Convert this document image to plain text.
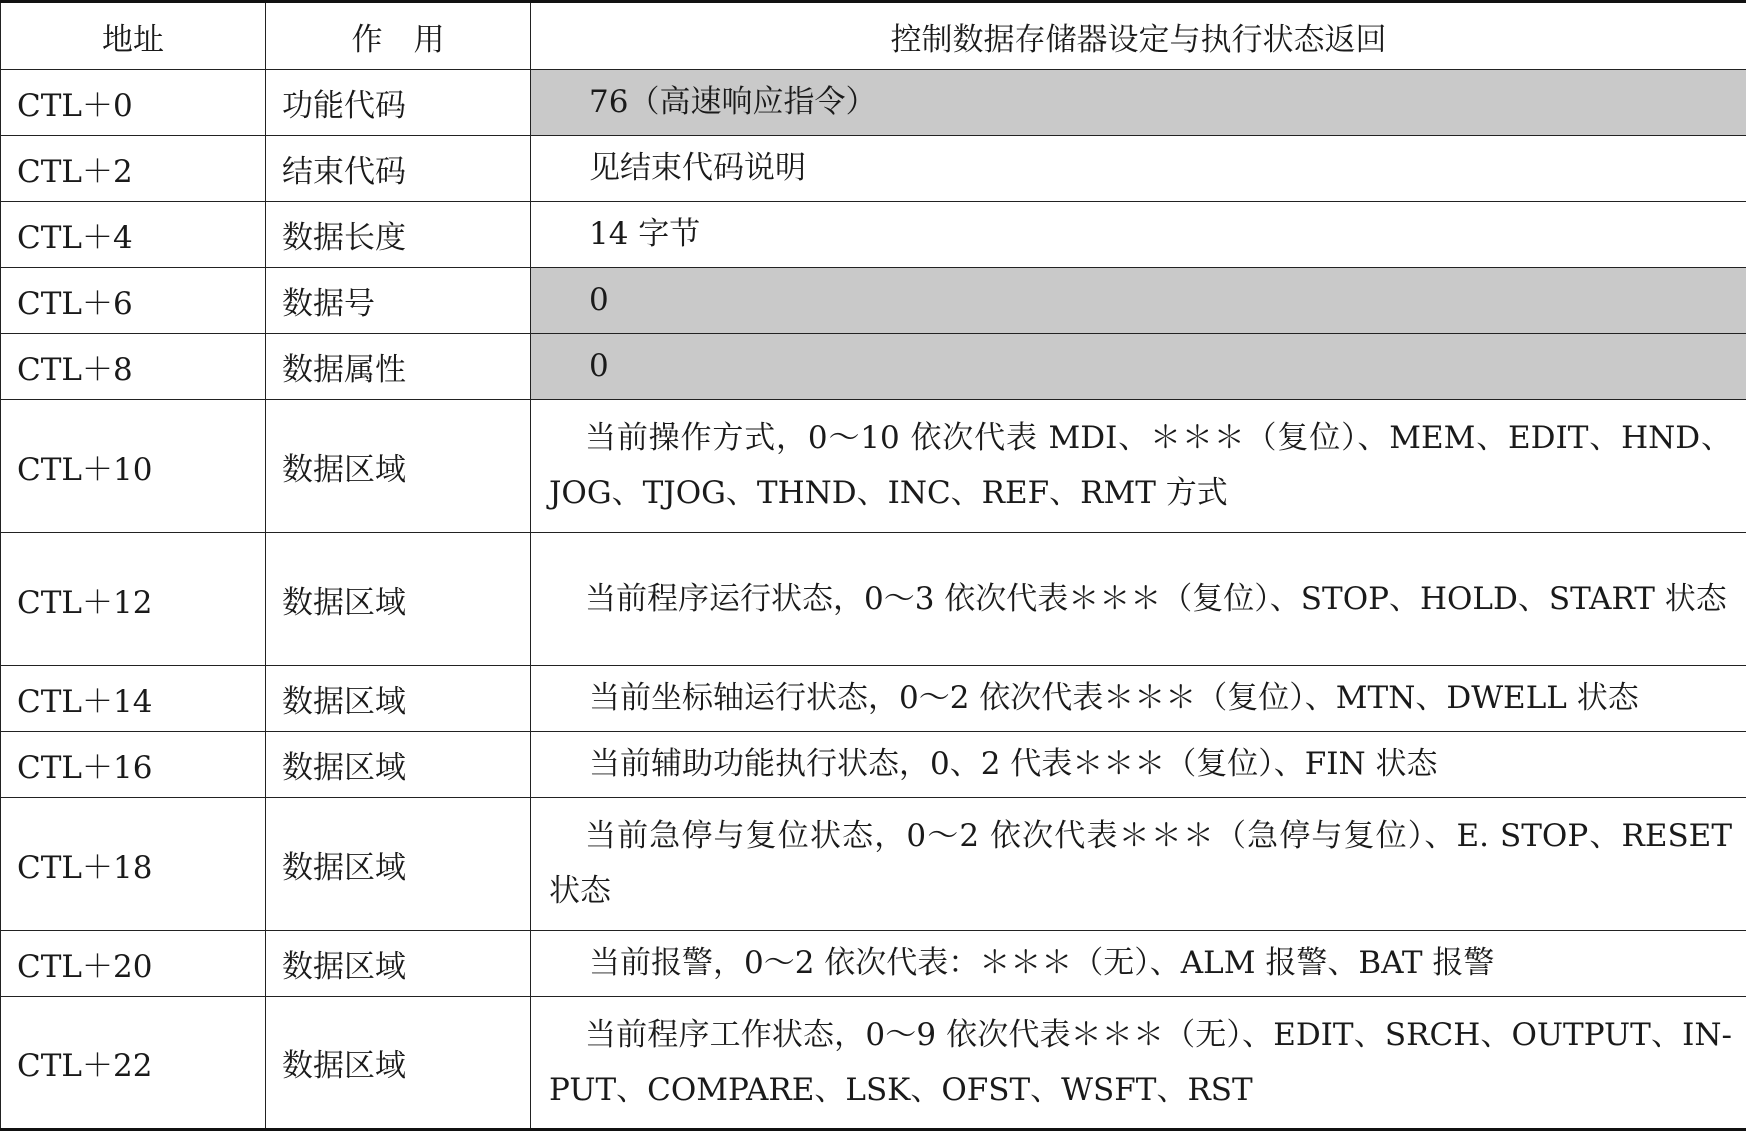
地址	作　用	控制数据存储器设定与执行状态返回
CTL＋0	功能代码	76（高速响应指令）

CTL＋2	结束代码	见结束代码说明

CTL＋4	数据长度	14 字节

CTL＋6	数据号	0

CTL＋8	数据属性	0

CTL＋10	数据区域	当前操作方式，0～10 依次代表 MDI、＊＊＊（复位）、MEM、EDIT、HND、JOG、TJOG、THND、INC、REF、RMT 方式

CTL＋12	数据区域	当前程序运行状态，0～3 依次代表＊＊＊（复位）、STOP、HOLD、START 状态

CTL＋14	数据区域	当前坐标轴运行状态，0～2 依次代表＊＊＊（复位）、MTN、DWELL 状态

CTL＋16	数据区域	当前辅助功能执行状态，0、2 代表＊＊＊（复位）、FIN 状态

CTL＋18	数据区域	当前急停与复位状态，0～2 依次代表＊＊＊（急停与复位）、E. STOP、RESET 状态

CTL＋20	数据区域	当前报警，0～2 依次代表：＊＊＊（无）、ALM 报警、BAT 报警

CTL＋22	数据区域	当前程序工作状态，0～9 依次代表＊＊＊（无）、EDIT、SRCH、OUTPUT、IN-PUT、COMPARE、LSK、OFST、WSFT、RST
